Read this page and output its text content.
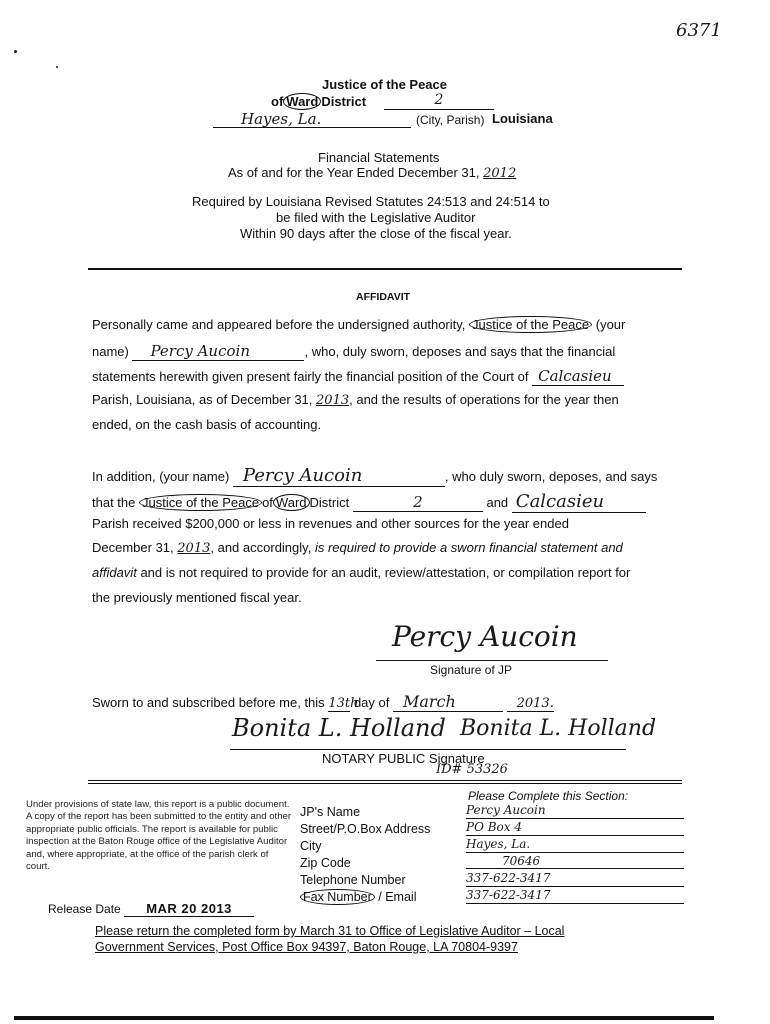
6371
Justice of the Peace
of Ward District	2
Hayes, La.	(City, Parish) Louisiana
Financial Statements
As of and for the Year Ended December 31, 2012
Required by Louisiana Revised Statutes 24:513 and 24:514 to
be filed with the Legislative Auditor
Within 90 days after the close of the fiscal year.
AFFIDAVIT
Personally came and appeared before the undersigned authority, Justice of the Peace (your
name) Percy Aucoin	, who, duly sworn, deposes and says that the financial
statements herewith given present fairly the financial position of the Court of Calcasieu
Parish, Louisiana, as of December 31, 2013, and the results of operations for the year then
ended, on the cash basis of accounting.
In addition, (your name) Percy Aucoin	, who duly sworn, deposes, and says
that the Justice of the Peace of Ward District	2	and Calcasieu
Parish received $200,000 or less in revenues and other sources for the year ended
December 31, 2013, and accordingly, is required to provide a sworn financial statement and
affidavit and is not required to provide for an audit, review/attestation, or compilation report for
the previously mentioned fiscal year.
Percy Aucoin
Signature of JP
Sworn to and subscribed before me, this 13th day of March	2013.
Bonita L. Holland Bonita L. Holland
NOTARY PUBLIC Signature
ID# 53326
Under provisions of state law, this report is a public document. A copy of the report has been submitted to the entity and other appropriate public officials. The report is available for public inspection at the Baton Rouge office of the Legislative Auditor and, where appropriate, at the office of the parish clerk of court.
Release Date MAR 20 2013
Please Complete this Section:
JP's Name	Percy Aucoin
Street/P.O.Box Address	PO Box 4
City	Hayes, La.
Zip Code	70646
Telephone Number	337-622-3417
Fax Number / Email	337-622-3417
Please return the completed form by March 31 to Office of Legislative Auditor – Local
Government Services, Post Office Box 94397, Baton Rouge, LA 70804-9397
